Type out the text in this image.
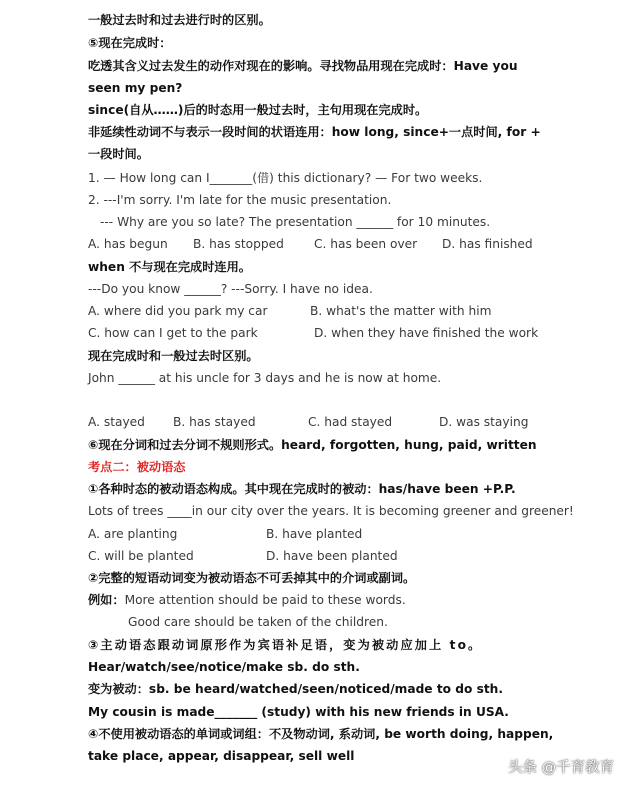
一般过去时和过去进行时的区别。
⑤现在完成时：
吃透其含义过去发生的动作对现在的影响。寻找物品用现在完成时：Have you
seen my pen?
since(自从……)后的时态用一般过去时，主句用现在完成时。
非延续性动词不与表示一段时间的状语连用：how long, since+一点时间, for +
一段时间。
1. — How long can I_______(借) this dictionary? — For two weeks.
2. ---I'm sorry. I'm late for the music presentation.
--- Why are you so late? The presentation ______ for 10 minutes.
A. has begun B. has stopped C. has been over D. has finished
when 不与现在完成时连用。
---Do you know ______? ---Sorry. I have no idea.
A. where did you park my car	B. what's the matter with him
C. how can I get to the park	D. when they have finished the work
现在完成时和一般过去时区别。
John ______ at his uncle for 3 days and he is now at home.
A. stayed B. has stayed	C. had stayed	D. was staying
⑥现在分词和过去分词不规则形式。heard, forgotten, hung, paid, written
考点二：被动语态
①各种时态的被动语态构成。其中现在完成时的被动：has/have been +P.P.
Lots of trees ____in our city over the years. It is becoming greener and greener!
A. are planting	B. have planted
C. will be planted	D. have been planted
②完整的短语动词变为被动语态不可丢掉其中的介词或副词。
例如：More attention should be paid to these words.
Good care should be taken of the children.
③主动语态跟动词原形作为宾语补足语，变为被动应加上 to。
Hear/watch/see/notice/make sb. do sth.
变为被动：sb. be heard/watched/seen/noticed/made to do sth.
My cousin is made_______ (study) with his new friends in USA.
④不使用被动语态的单词或词组：不及物动词, 系动词, be worth doing, happen,
take place, appear, disappear, sell well
头条 @千育教育
